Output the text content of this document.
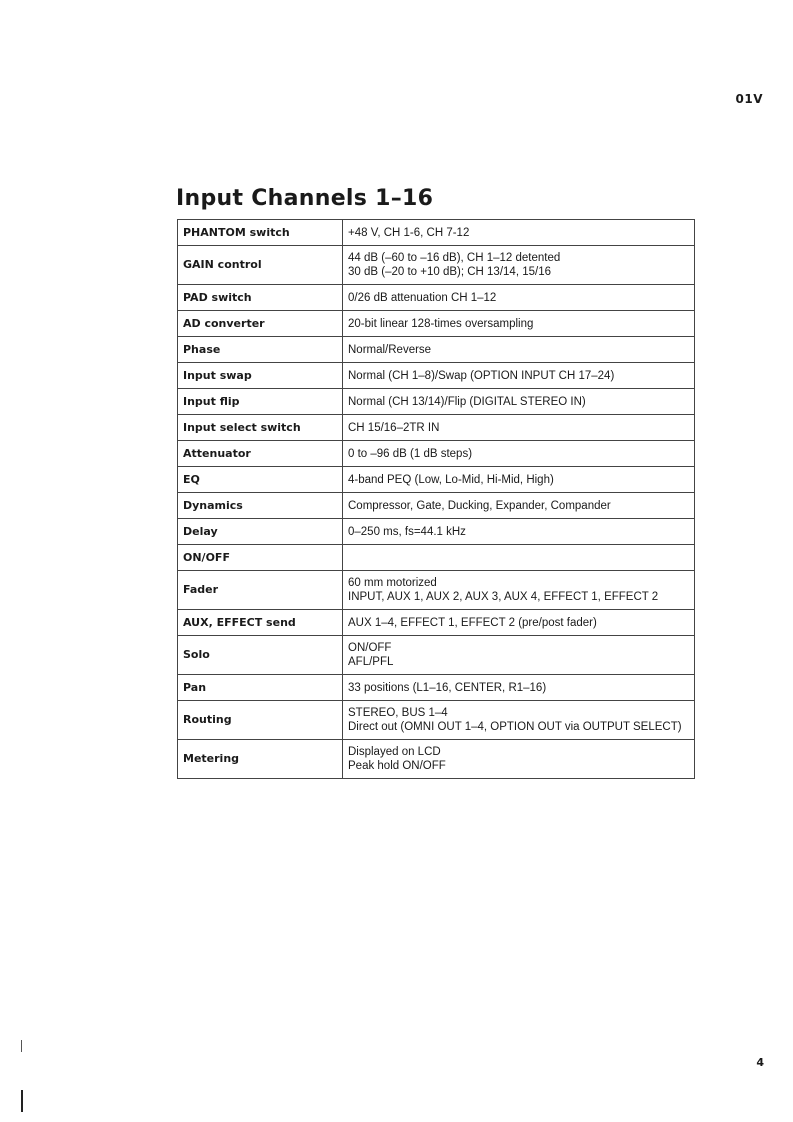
01V
Input Channels 1–16
PHANTOM switch	+48 V, CH 1-6, CH 7-12

GAIN control	44 dB (–60 to –16 dB), CH 1–12 detented
30 dB (–20 to +10 dB); CH 13/14, 15/16

PAD switch	0/26 dB attenuation CH 1–12

AD converter	20-bit linear 128-times oversampling

Phase	Normal/Reverse

Input swap	Normal (CH 1–8)/Swap (OPTION INPUT CH 17–24)

Input flip	Normal (CH 13/14)/Flip (DIGITAL STEREO IN)

Input select switch	CH 15/16–2TR IN

Attenuator	0 to –96 dB (1 dB steps)

EQ	4-band PEQ (Low, Lo-Mid, Hi-Mid, High)

Dynamics	Compressor, Gate, Ducking, Expander, Compander

Delay	0–250 ms, fs=44.1 kHz

ON/OFF	

Fader	60 mm motorized
INPUT, AUX 1, AUX 2, AUX 3, AUX 4, EFFECT 1, EFFECT 2

AUX, EFFECT send	AUX 1–4, EFFECT 1, EFFECT 2 (pre/post fader)

Solo	ON/OFF
AFL/PFL

Pan	33 positions (L1–16, CENTER, R1–16)

Routing	STEREO, BUS 1–4
Direct out (OMNI OUT 1–4, OPTION OUT via OUTPUT SELECT)

Metering	Displayed on LCD
Peak hold ON/OFF
4
